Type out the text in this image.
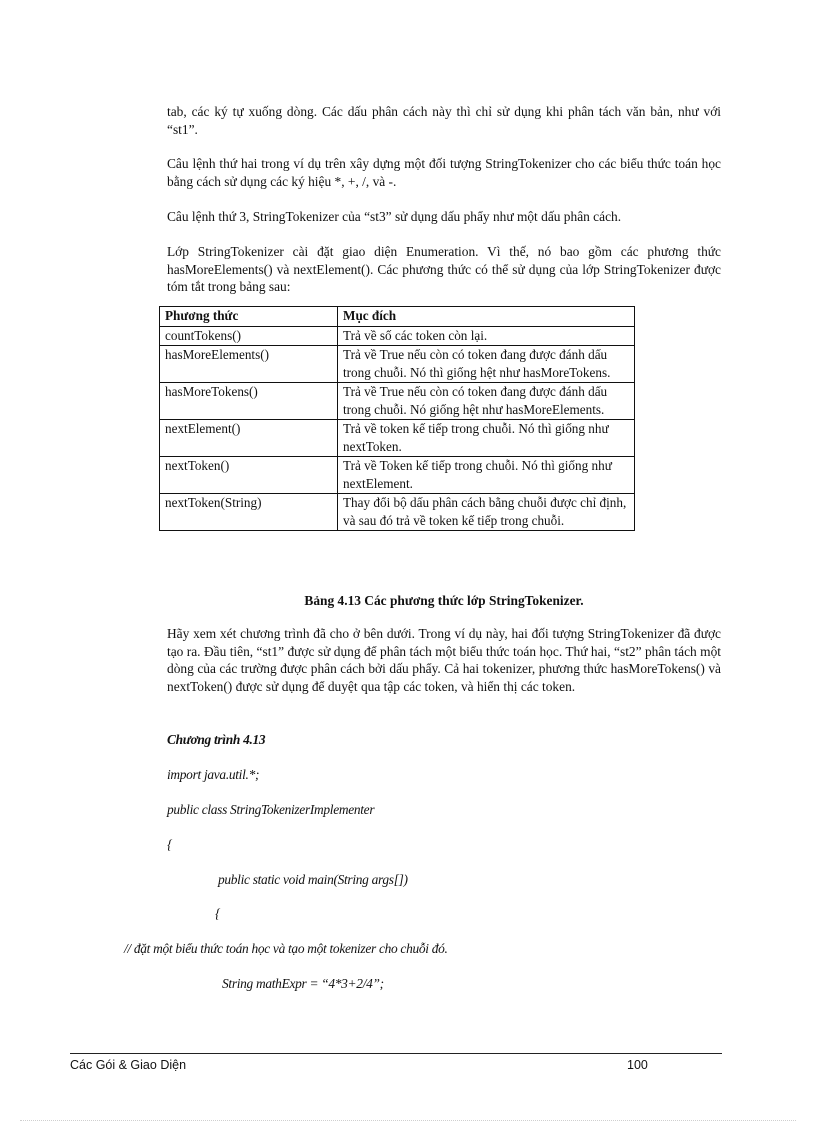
tab, các ký tự xuống dòng. Các dấu phân cách này thì chỉ sử dụng khi phân tách văn bản, như với “st1”.

Câu lệnh thứ hai trong ví dụ trên xây dựng một đối tượng StringTokenizer cho các biểu thức toán học bằng cách sử dụng các ký hiệu *, +, /, và -.

Câu lệnh thứ 3, StringTokenizer của “st3” sử dụng dấu phẩy như một dấu phân cách.

Lớp StringTokenizer cài đặt giao diện Enumeration. Vì thế, nó bao gồm các phương thức hasMoreElements() và nextElement(). Các phương thức có thể sử dụng của lớp StringTokenizer được tóm tắt trong bảng sau:

Phương thức	Mục đích
countTokens()	Trả về số các token còn lại.
hasMoreElements()	Trả về True nếu còn có token đang được đánh dấu trong chuỗi. Nó thì giống hệt như hasMoreTokens.
hasMoreTokens()	Trả về True nếu còn có token đang được đánh dấu trong chuỗi. Nó giống hệt như hasMoreElements.
nextElement()	Trả về token kế tiếp trong chuỗi. Nó thì giống như nextToken.
nextToken()	Trả về Token kế tiếp trong chuỗi. Nó thì giống như nextElement.
nextToken(String)	Thay đổi bộ dấu phân cách bằng chuỗi được chỉ định, và sau đó trả về token kế tiếp trong chuỗi.

Bảng 4.13 Các phương thức lớp StringTokenizer.

Hãy xem xét chương trình đã cho ở bên dưới. Trong ví dụ này, hai đối tượng StringTokenizer đã được tạo ra. Đầu tiên, “st1” được sử dụng để phân tách một biểu thức toán học. Thứ hai, “st2” phân tách một dòng của các trường được phân cách bởi dấu phẩy. Cả hai tokenizer, phương thức hasMoreTokens() và nextToken() được sử dụng để duyệt qua tập các token, và hiển thị các token.

Chương trình 4.13

import java.util.*;

public class StringTokenizerImplementer

{

public static void main(String args[])

{

// đặt một biểu thức toán học và tạo một tokenizer cho chuỗi đó.

String mathExpr = “4*3+2/4”;

Các Gói & Giao Diện	100
